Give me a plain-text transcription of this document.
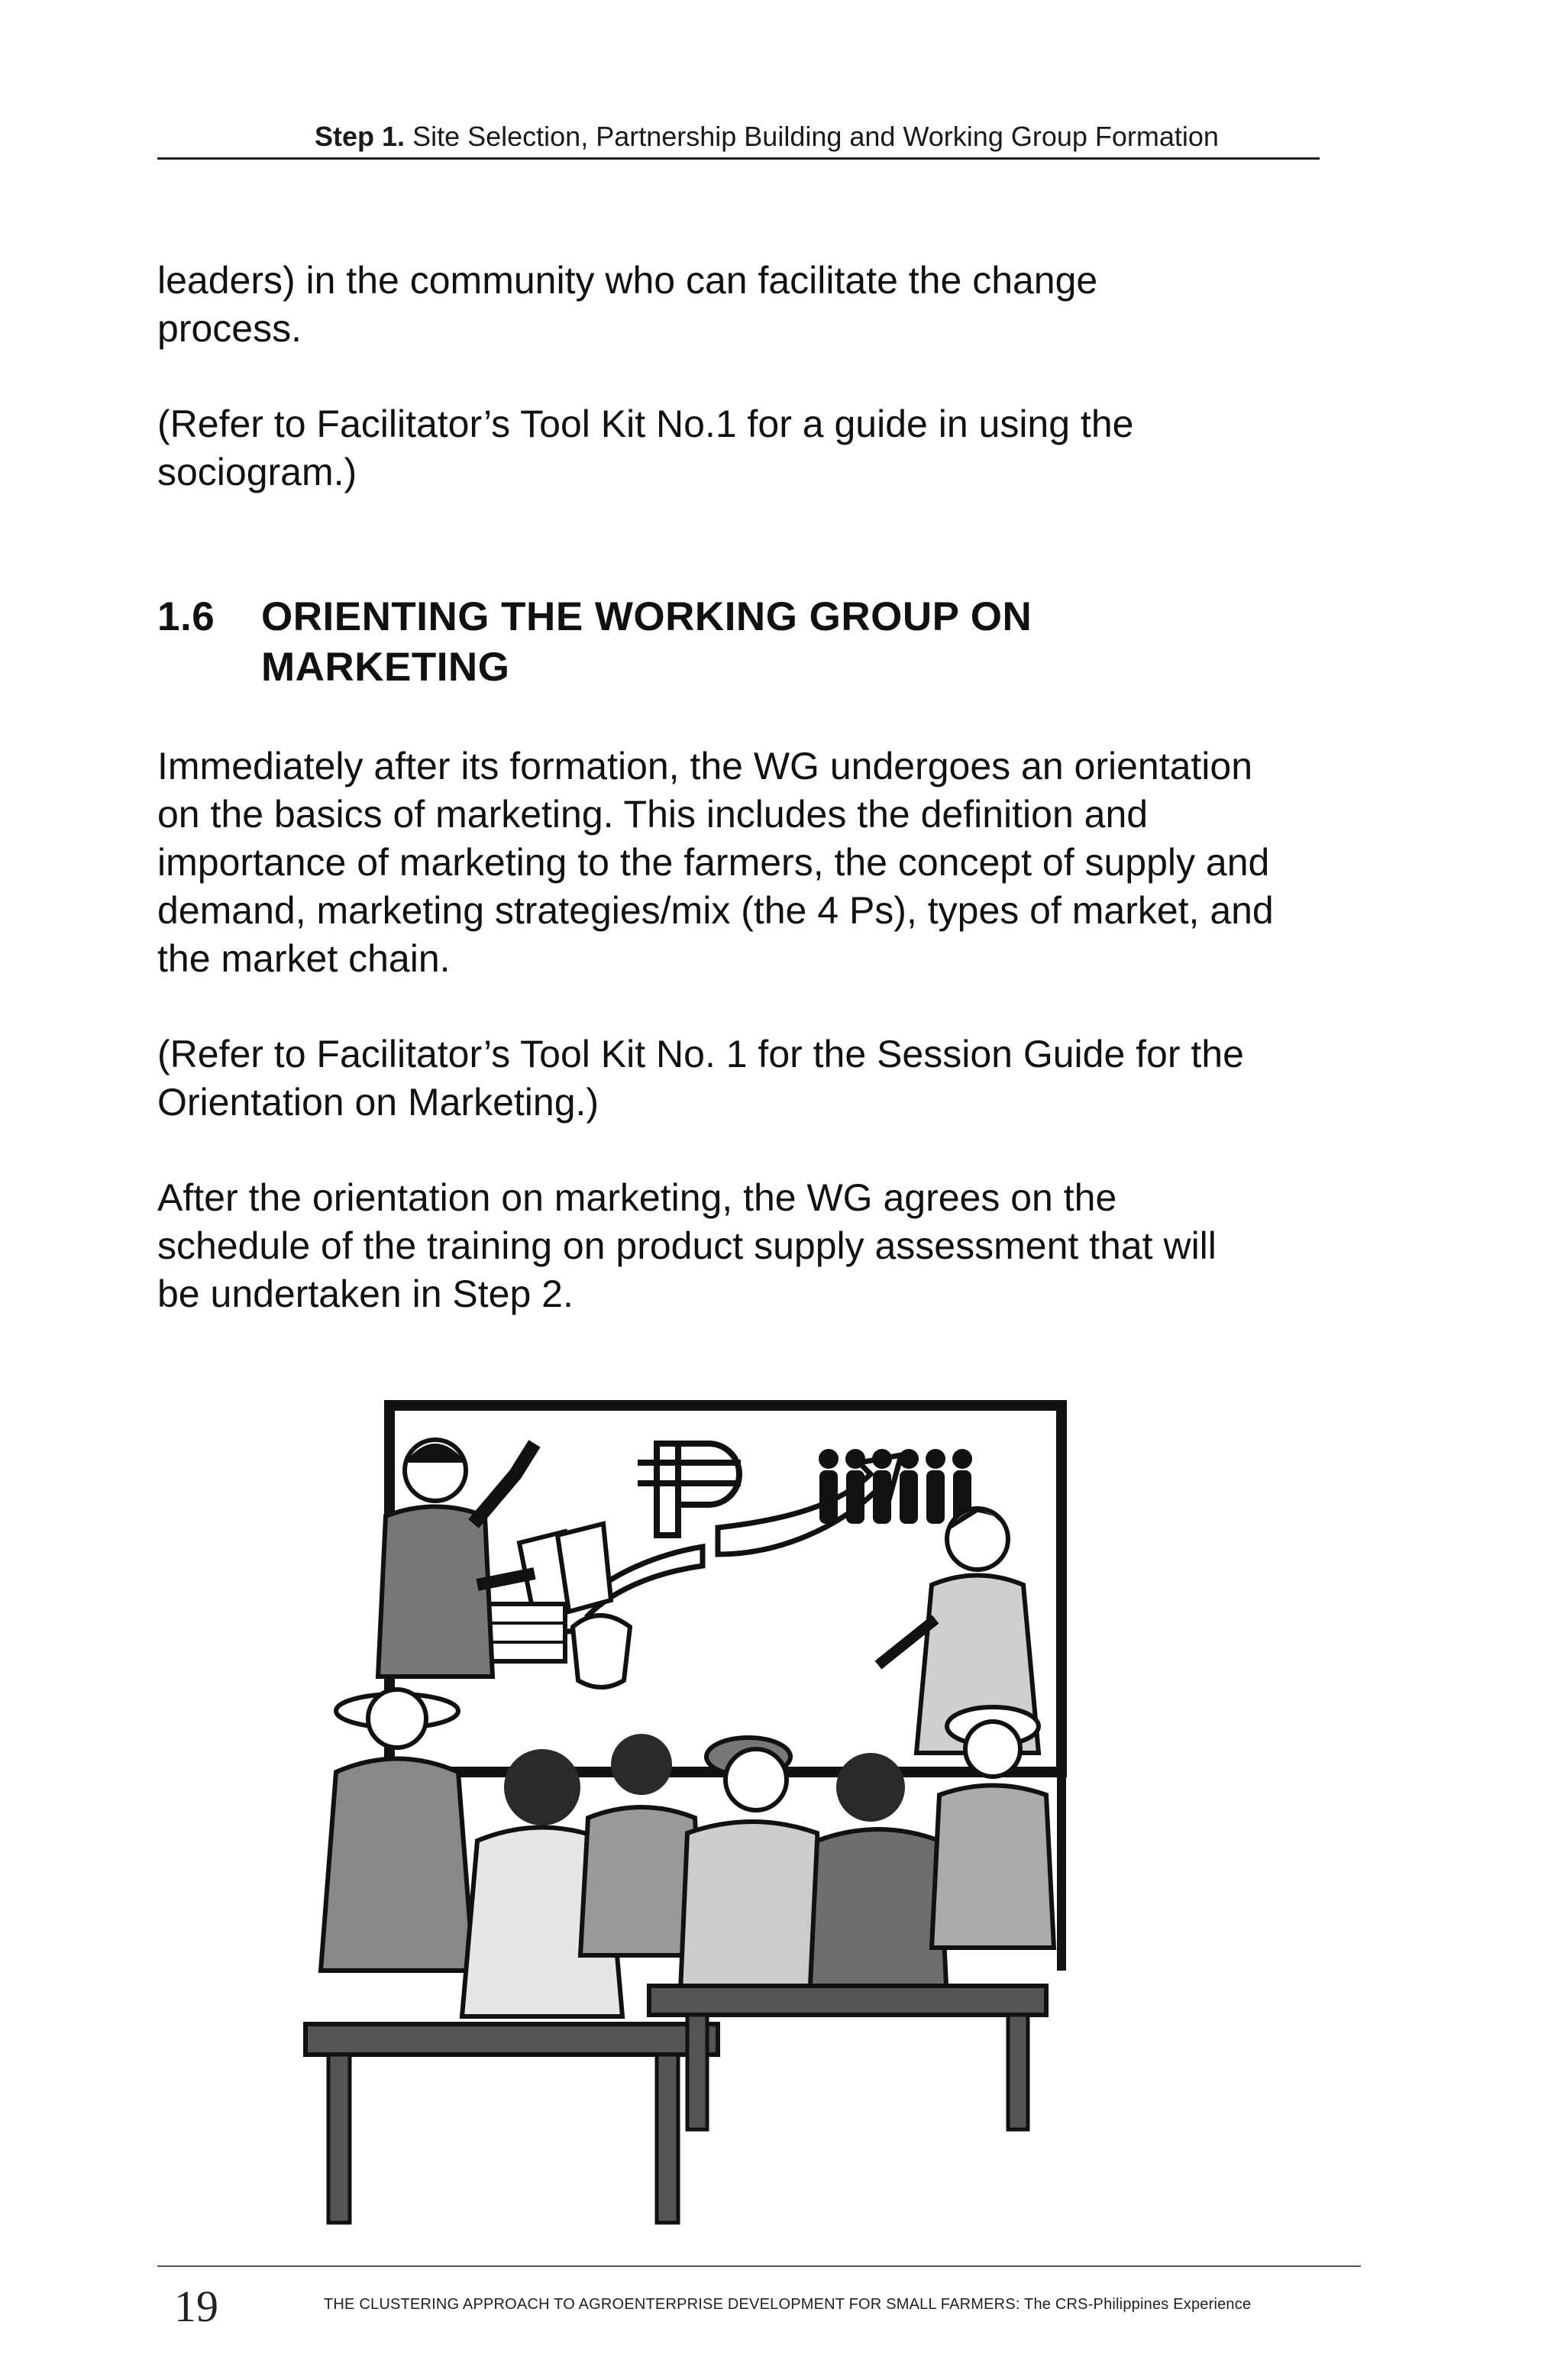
Step 1. Site Selection, Partnership Building and Working Group Formation

leaders) in the community who can facilitate the change process.

(Refer to Facilitator’s Tool Kit No.1 for a guide in using the sociogram.)

1.6 ORIENTING THE WORKING GROUP ON MARKETING

Immediately after its formation, the WG undergoes an orientation on the basics of marketing. This includes the definition and importance of marketing to the farmers, the concept of supply and demand, marketing strategies/mix (the 4 Ps), types of market, and the market chain.

(Refer to Facilitator’s Tool Kit No. 1 for the Session Guide for the Orientation on Marketing.)

After the orientation on marketing, the WG agrees on the schedule of the training on product supply assessment that will be undertaken in Step 2.

19	THE CLUSTERING APPROACH TO AGROENTERPRISE DEVELOPMENT FOR SMALL FARMERS: The CRS-Philippines Experience
